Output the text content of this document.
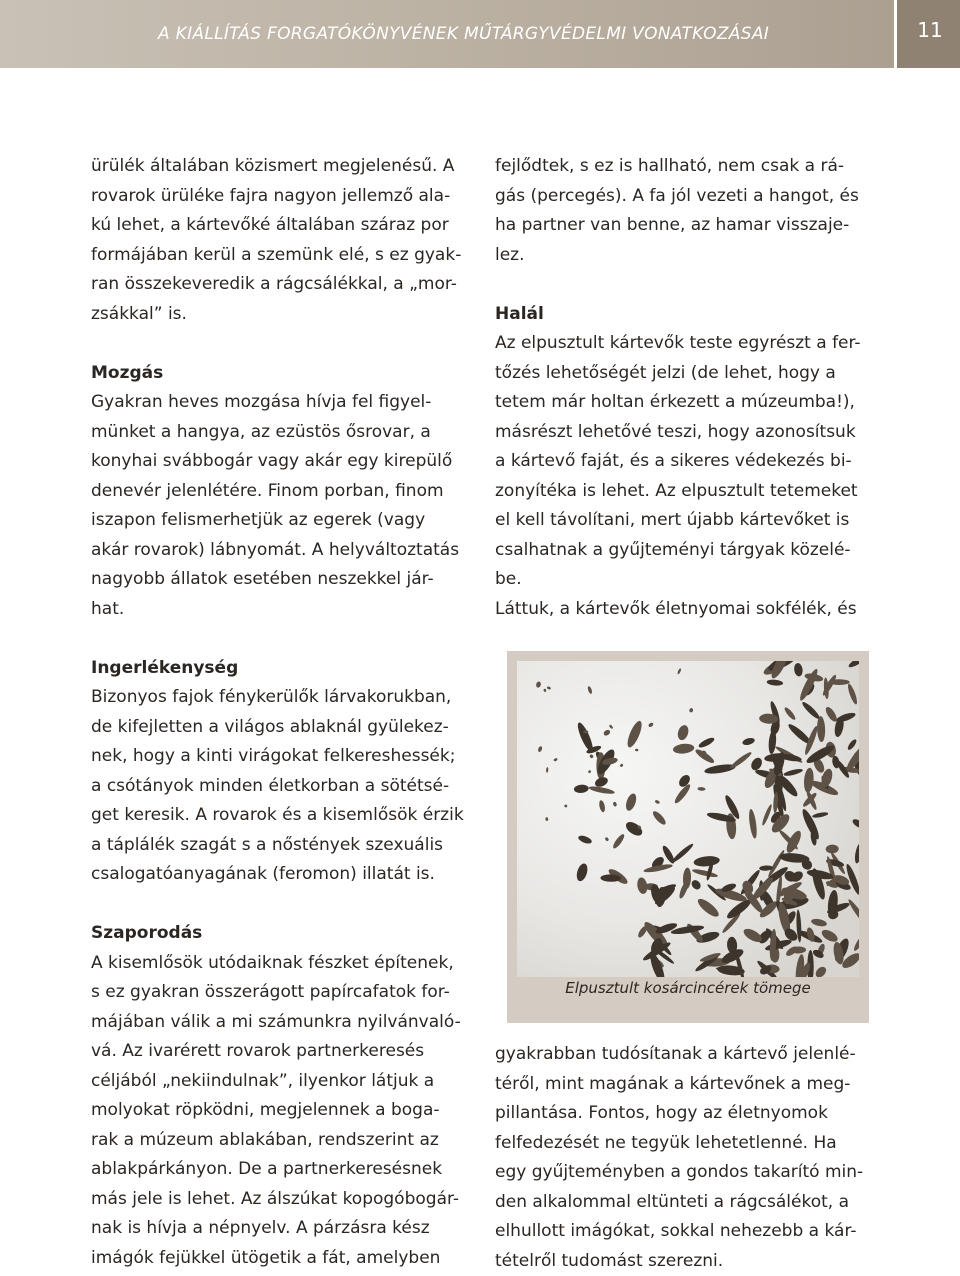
A KIÁLLÍTÁS FORGATÓKÖNYVÉNEK MŰTÁRGYVÉDELMI VONATKOZÁSAI	11

ürülék általában közismert megjelenésű. A

rovarok ürüléke fajra nagyon jellemző ala-

kú lehet, a kártevőké általában száraz por

formájában kerül a szemünk elé, s ez gyak-

ran összekeveredik a rágcsálékkal, a „mor-

zsákkal” is.

Mozgás

Gyakran heves mozgása hívja fel figyel-

münket a hangya, az ezüstös ősrovar, a

konyhai svábbogár vagy akár egy kirepülő

denevér jelenlétére. Finom porban, finom

iszapon felismerhetjük az egerek (vagy

akár rovarok) lábnyomát. A helyváltoztatás

nagyobb állatok esetében neszekkel jár-

hat.

Ingerlékenység

Bizonyos fajok fénykerülők lárvakorukban,

de kifejletten a világos ablaknál gyülekez-

nek, hogy a kinti virágokat felkereshessék;

a csótányok minden életkorban a sötétsé-

get keresik. A rovarok és a kisemlősök érzik

a táplálék szagát s a nőstények szexuális

csalogatóanyagának (feromon) illatát is.

Szaporodás

A kisemlősök utódaiknak fészket építenek,

s ez gyakran összerágott papírcafatok for-

májában válik a mi számunkra nyilvánvaló-

vá. Az ivarérett rovarok partnerkeresés

céljából „nekiindulnak”, ilyenkor látjuk a

molyokat röpködni, megjelennek a boga-

rak a múzeum ablakában, rendszerint az

ablakpárkányon. De a partnerkeresésnek

más jele is lehet. Az álszúkat kopogóbogár-

nak is hívja a népnyelv. A párzásra kész

imágók fejükkel ütögetik a fát, amelyben

fejlődtek, s ez is hallható, nem csak a rá-

gás (percegés). A fa jól vezeti a hangot, és

ha partner van benne, az hamar visszaje-

lez.

Halál

Az elpusztult kártevők teste egyrészt a fer-

tőzés lehetőségét jelzi (de lehet, hogy a

tetem már holtan érkezett a múzeumba!),

másrészt lehetővé teszi, hogy azonosítsuk

a kártevő faját, és a sikeres védekezés bi-

zonyítéka is lehet. Az elpusztult tetemeket

el kell távolítani, mert újabb kártevőket is

csalhatnak a gyűjteményi tárgyak közelé-

be.

Láttuk, a kártevők életnyomai sokfélék, és

Elpusztult kosárcincérek tömege

gyakrabban tudósítanak a kártevő jelenlé-

téről, mint magának a kártevőnek a meg-

pillantása. Fontos, hogy az életnyomok

felfedezését ne tegyük lehetetlenné. Ha

egy gyűjteményben a gondos takarító min-

den alkalommal eltünteti a rágcsálékot, a

elhullott imágókat, sokkal nehezebb a kár-

tételről tudomást szerezni.
